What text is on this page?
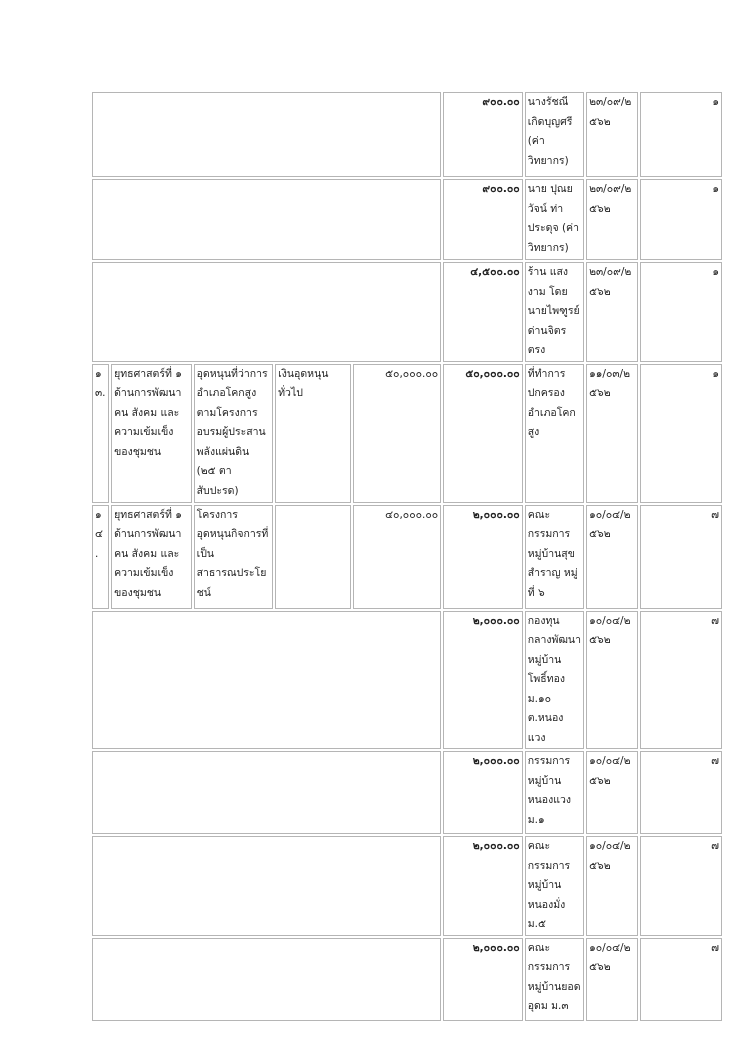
					๙๐๐.๐๐	นางรัชณี เกิดบุญศรี (ค่าวิทยากร)	๒๓/๐๙/๒๕๖๒	๑
					๙๐๐.๐๐	นาย ปุณย วัจน์ ท่าประดุจ (ค่าวิทยากร)	๒๓/๐๙/๒๕๖๒	๑
					๔,๕๐๐.๐๐	ร้าน แสงงาม โดย นายไพฑูรย์ ด่านจิตรตรง	๒๓/๐๙/๒๕๖๒	๑
๑๓.	ยุทธศาสตร์ที่ ๑ ด้านการพัฒนา คน สังคม และ ความเข้มเข็งของชุมชน	อุดหนุนที่ว่าการอำเภอโคกสูง ตามโครงการ อบรมผู้ประสานพลังแผ่นดิน (๒๕ ตาสับปะรด)	เงินอุดหนุนทั่วไป	๕๐,๐๐๐.๐๐	๕๐,๐๐๐.๐๐	ที่ทำการปกครองอำเภอโคกสูง	๑๑/๐๓/๒๕๖๒	๑
๑๔.	ยุทธศาสตร์ที่ ๑ ด้านการพัฒนา คน สังคม และ ความเข้มเข็งของชุมชน	โครงการอุดหนุนกิจการที่เป็นสาธารณประโยชน์		๔๐,๐๐๐.๐๐	๒,๐๐๐.๐๐	คณะกรรมการหมู่บ้านสุขสำราญ หมู่ที่ ๖	๑๐/๐๔/๒๕๖๒	๗
					๒,๐๐๐.๐๐	กองทุนกลางพัฒนาหมู่บ้านโพธิ์ทอง ม.๑๐ ต.หนองแวง	๑๐/๐๔/๒๕๖๒	๗
					๒,๐๐๐.๐๐	กรรมการหมู่บ้านหนองแวง ม.๑	๑๐/๐๔/๒๕๖๒	๗
					๒,๐๐๐.๐๐	คณะกรรมการหมู่บ้านหนองมั่ง ม.๕	๑๐/๐๔/๒๕๖๒	๗
					๒,๐๐๐.๐๐	คณะกรรมการหมู่บ้านยอดอุดม ม.๓	๑๐/๐๔/๒๕๖๒	๗
